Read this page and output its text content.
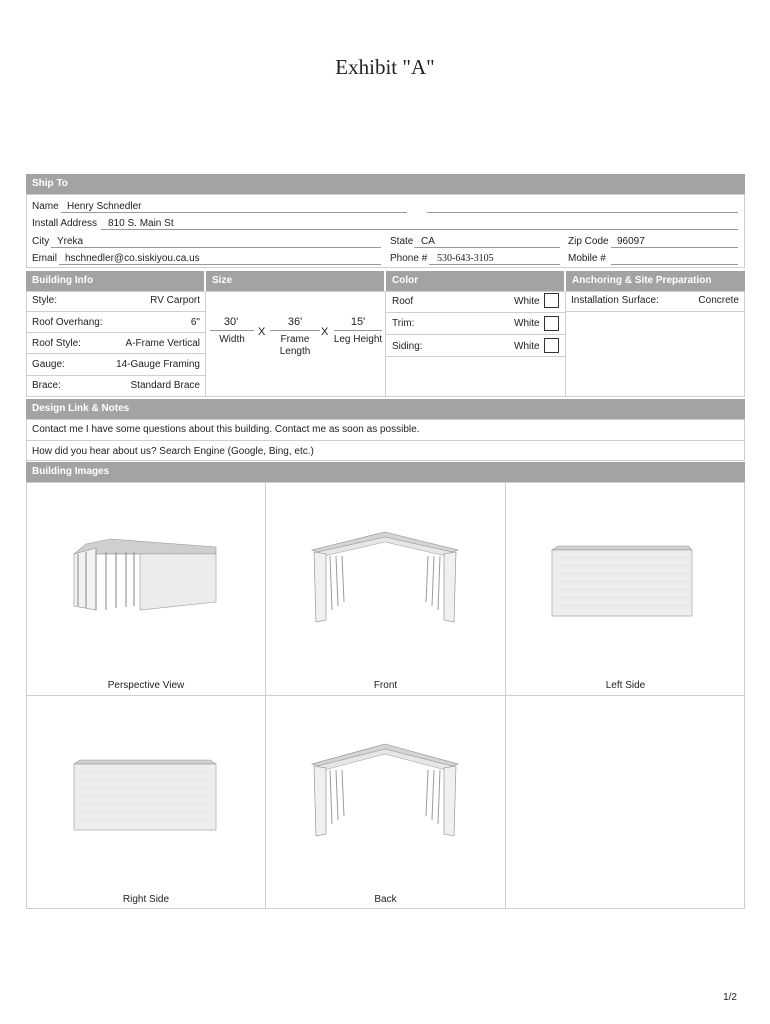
Exhibit "A"
Ship To
Name Henry Schnedler
Install Address 810 S. Main St
City Yreka	State CA	Zip Code 96097
Email hschnedler@co.siskiyou.ca.us	Phone # 530-643-3105	Mobile #
Building Info	Size	Color	Anchoring & Site Preparation
Style:	RV Carport
Roof Overhang:	6"
Roof Style:	A-Frame Vertical
Gauge:	14-Gauge Framing
Brace:	Standard Brace
30'
Width
X
36'
Frame Length
X
15'
Leg Height
Roof	White
Trim:	White
Siding:	White
Installation Surface:	Concrete
Design Link & Notes
Contact me I have some questions about this building. Contact me as soon as possible.
How did you hear about us? Search Engine (Google, Bing, etc.)
Building Images
Perspective View	Front	Left Side
Right Side	Back
1/2
